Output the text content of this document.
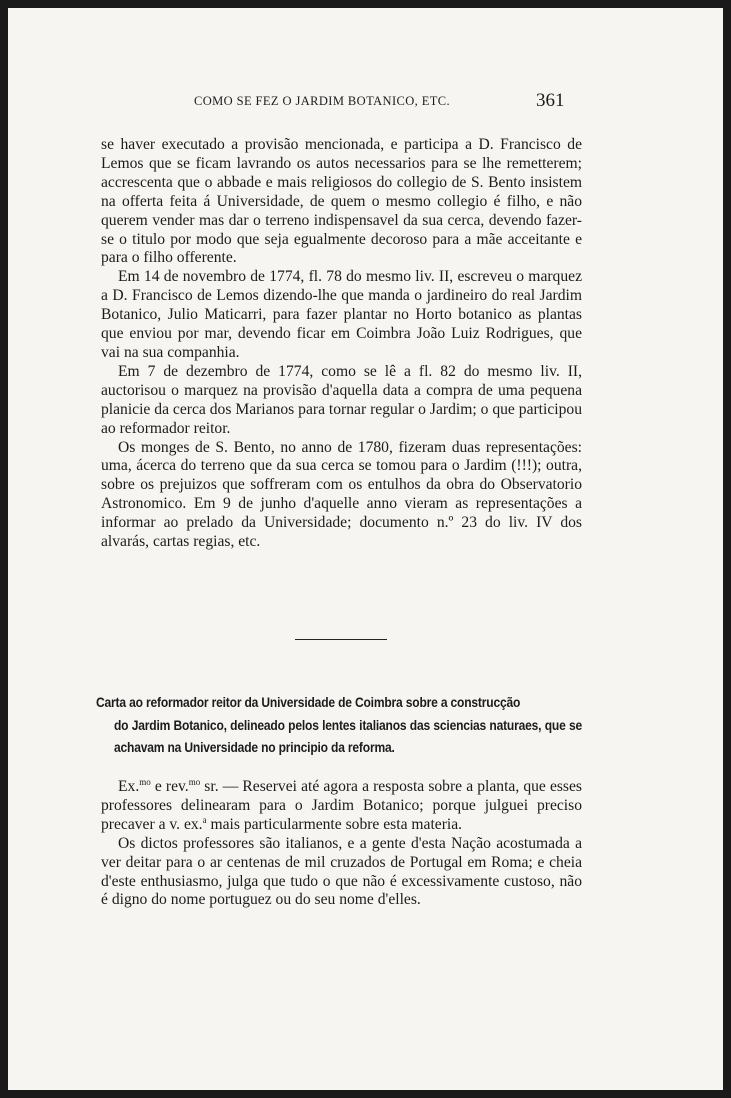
COMO SE FEZ O JARDIM BOTANICO, ETC.	361

se haver executado a provisão mencionada, e participa a D. Francisco de Lemos que se ficam lavrando os autos necessarios para se lhe remetterem; accrescenta que o abbade e mais religiosos do collegio de S. Bento insistem na offerta feita á Universidade, de quem o mesmo collegio é filho, e não querem vender mas dar o terreno indispensavel da sua cerca, devendo fazer-se o titulo por modo que seja egualmente decoroso para a mãe acceitante e para o filho offerente.

Em 14 de novembro de 1774, fl. 78 do mesmo liv. II, escreveu o marquez a D. Francisco de Lemos dizendo-lhe que manda o jardineiro do real Jardim Botanico, Julio Maticarri, para fazer plantar no Horto botanico as plantas que enviou por mar, devendo ficar em Coimbra João Luiz Rodrigues, que vai na sua companhia.

Em 7 de dezembro de 1774, como se lê a fl. 82 do mesmo liv. II, auctorisou o marquez na provisão d'aquella data a compra de uma pequena planicie da cerca dos Marianos para tornar regular o Jardim; o que participou ao reformador reitor.

Os monges de S. Bento, no anno de 1780, fizeram duas representações: uma, ácerca do terreno que da sua cerca se tomou para o Jardim (!!!); outra, sobre os prejuizos que soffreram com os entulhos da obra do Observatorio Astronomico. Em 9 de junho d'aquelle anno vieram as representações a informar ao prelado da Universidade; documento n.º 23 do liv. IV dos alvarás, cartas regias, etc.

Carta ao reformador reitor da Universidade de Coimbra sobre a construcção
do Jardim Botanico, delineado pelos lentes italianos das sciencias naturaes, que se achavam na Universidade no principio da reforma.

Ex.$^{mo}$ e rev.$^{mo}$ sr. — Reservei até agora a resposta sobre a planta, que esses professores delinearam para o Jardim Botanico; porque julguei preciso precaver a v. ex.$^a$ mais particularmente sobre esta materia.

Os dictos professores são italianos, e a gente d'esta Nação acostumada a ver deitar para o ar centenas de mil cruzados de Portugal em Roma; e cheia d'este enthusiasmo, julga que tudo o que não é excessivamente custoso, não é digno do nome portuguez ou do seu nome d'elles.
